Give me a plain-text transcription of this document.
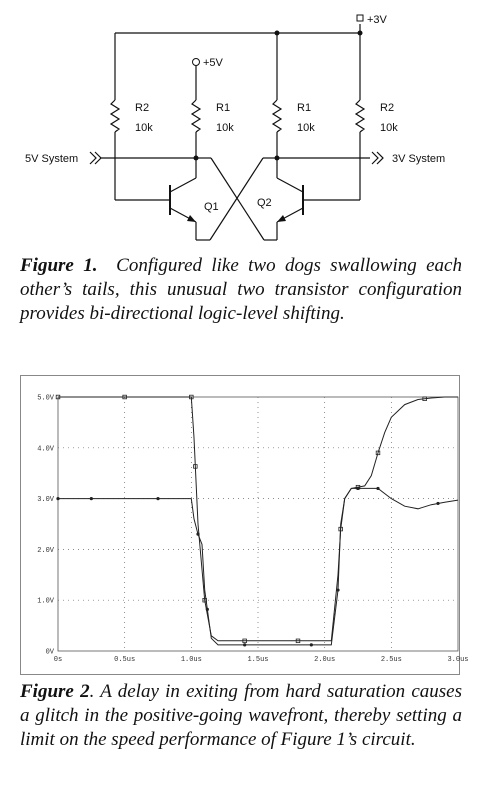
+3V
+5V
R2
10k
R1
10k
R1
10k
R2
10k
5V System	3V System
Q1	Q2

Figure 1. Configured like two dogs swallowing each other’s tails, this unusual two transistor configuration provides bi-directional logic-level shifting.

0s	0.5us	1.0us	1.5us	2.0us	2.5us	3.0us
0V
1.0V
2.0V
3.0V
4.0V
5.0V

Figure 2. A delay in exiting from hard saturation causes a glitch in the positive-going wavefront, thereby setting a limit on the speed performance of Figure 1’s circuit.
